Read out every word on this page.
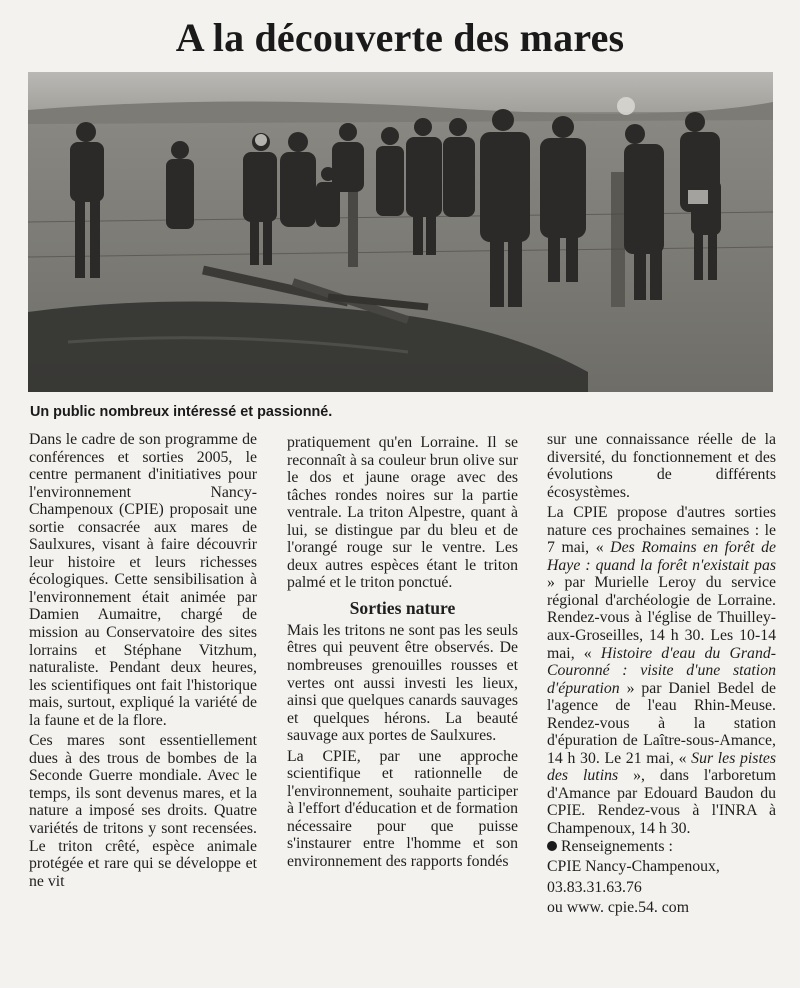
A la découverte des mares

Un public nombreux intéressé et passionné.

Dans le cadre de son programme de conférences et sorties 2005, le centre permanent d'initiatives pour l'environnement Nancy-Champenoux (CPIE) proposait une sortie consacrée aux mares de Saulxures, visant à faire découvrir leur histoire et leurs richesses écologiques. Cette sensibilisation à l'environnement était animée par Damien Aumaitre, chargé de mission au Conservatoire des sites lorrains et Stéphane Vitzhum, naturaliste. Pendant deux heures, les scientifiques ont fait l'historique mais, surtout, expliqué la variété de la faune et de la flore.

Ces mares sont essentiellement dues à des trous de bombes de la Seconde Guerre mondiale. Avec le temps, ils sont devenus mares, et la nature a imposé ses droits. Quatre variétés de tritons y sont recensées. Le triton crêté, espèce animale protégée et rare qui se développe et ne vit

pratiquement qu'en Lorraine. Il se reconnaît à sa couleur brun olive sur le dos et jaune orage avec des tâches rondes noires sur la partie ventrale. La triton Alpestre, quant à lui, se distingue par du bleu et de l'orangé rouge sur le ventre. Les deux autres espèces étant le triton palmé et le triton ponctué.

Sorties nature

Mais les tritons ne sont pas les seuls êtres qui peuvent être observés. De nombreuses grenouilles rousses et vertes ont aussi investi les lieux, ainsi que quelques canards sauvages et quelques hérons. La beauté sauvage aux portes de Saulxures.

La CPIE, par une approche scientifique et rationnelle de l'environnement, souhaite participer à l'effort d'éducation et de formation nécessaire pour que puisse s'instaurer entre l'homme et son environnement des rapports fondés

sur une connaissance réelle de la diversité, du fonctionnement et des évolutions de différents écosystèmes.

La CPIE propose d'autres sorties nature ces prochaines semaines : le 7 mai, « Des Romains en forêt de Haye : quand la forêt n'existait pas » par Murielle Leroy du service régional d'archéologie de Lorraine. Rendez-vous à l'église de Thuilley-aux-Groseilles, 14 h 30. Les 10-14 mai, « Histoire d'eau du Grand-Couronné : visite d'une station d'épuration » par Daniel Bedel de l'agence de l'eau Rhin-Meuse. Rendez-vous à la station d'épuration de Laître-sous-Amance, 14 h 30. Le 21 mai, « Sur les pistes des lutins », dans l'arboretum d'Amance par Edouard Baudon du CPIE. Rendez-vous à l'INRA à Champenoux, 14 h 30.

Renseignements :

CPIE Nancy-Champenoux,

03.83.31.63.76

ou www. cpie.54. com
